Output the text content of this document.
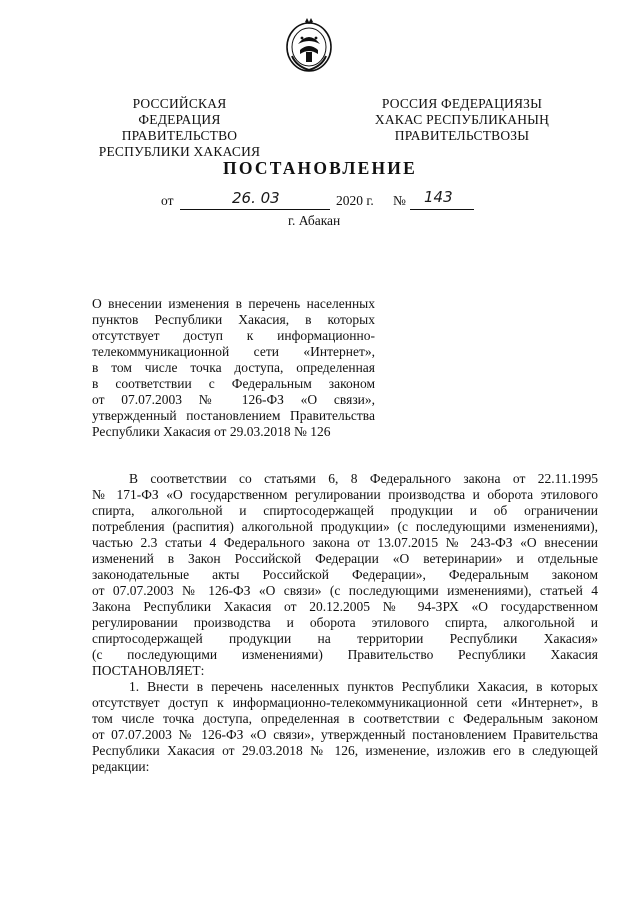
РОССИЙСКАЯ ФЕДЕРАЦИЯ
ПРАВИТЕЛЬСТВО
РЕСПУБЛИКИ ХАКАСИЯ
РОССИЯ ФЕДЕРАЦИЯЗЫ
ХАКАС РЕСПУБЛИКАНЫҢ
ПРАВИТЕЛЬСТВОЗЫ
ПОСТАНОВЛЕНИЕ
от	26. 03	2020 г. № 143
г. Абакан
О внесении изменения в перечень населенных
пунктов Республики Хакасия, в которых
отсутствует доступ к информационно-
телекоммуникационной сети «Интернет»,
в том числе точка доступа, определенная
в соответствии с Федеральным законом
от 07.07.2003 № 126-ФЗ «О связи»,
утвержденный постановлением Правительства
Республики Хакасия от 29.03.2018 № 126
В соответствии со статьями 6, 8 Федерального закона от 22.11.1995
№ 171-ФЗ «О государственном регулировании производства и оборота этилового
спирта, алкогольной и спиртосодержащей продукции и об ограничении
потребления (распития) алкогольной продукции» (с последующими изменениями),
частью 2.3 статьи 4 Федерального закона от 13.07.2015 № 243-ФЗ «О внесении
изменений в Закон Российской Федерации «О ветеринарии» и отдельные
законодательные акты Российской Федерации», Федеральным законом
от 07.07.2003 № 126-ФЗ «О связи» (с последующими изменениями), статьей 4
Закона Республики Хакасия от 20.12.2005 № 94-ЗРХ «О государственном
регулировании производства и оборота этилового спирта, алкогольной и
спиртосодержащей продукции на территории Республики Хакасия»
(с последующими изменениями) Правительство Республики Хакасия
ПОСТАНОВЛЯЕТ:
1. Внести в перечень населенных пунктов Республики Хакасия, в которых
отсутствует доступ к информационно-телекоммуникационной сети «Интернет», в
том числе точка доступа, определенная в соответствии с Федеральным законом
от 07.07.2003 № 126-ФЗ «О связи», утвержденный постановлением Правительства
Республики Хакасия от 29.03.2018 № 126, изменение, изложив его в следующей
редакции:
